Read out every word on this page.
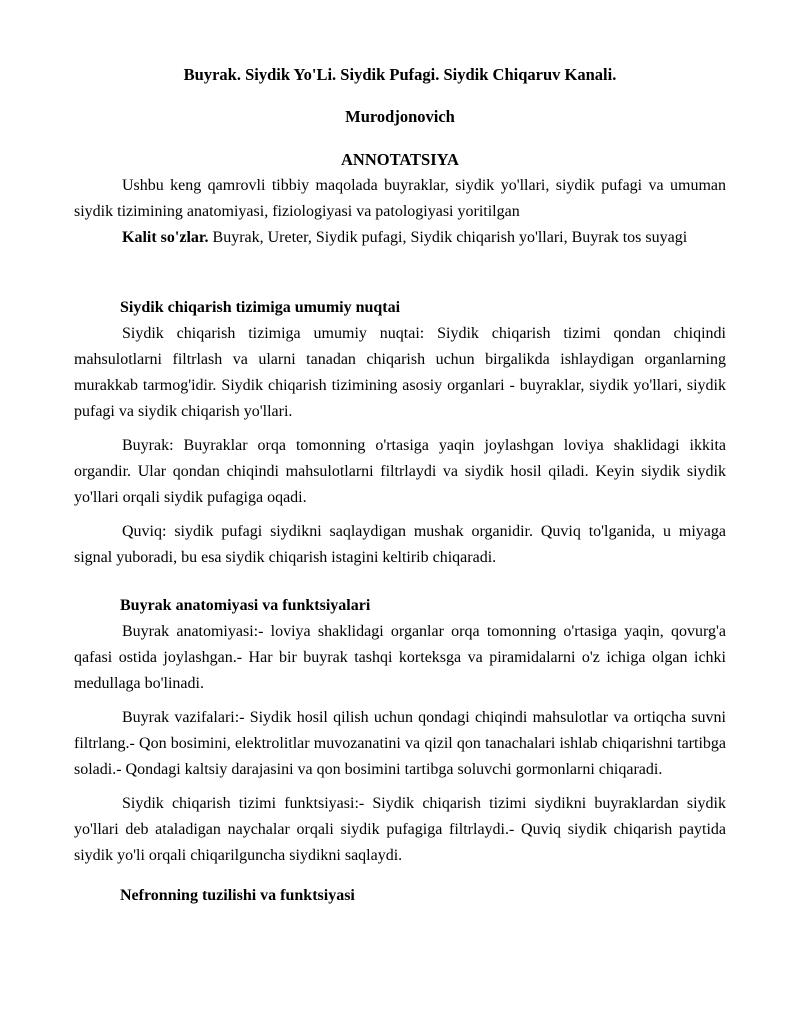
Buyrak. Siydik Yo'Li. Siydik Pufagi. Siydik Chiqaruv Kanali.
Murodjonovich
ANNOTATSIYA

Ushbu keng qamrovli tibbiy maqolada buyraklar, siydik yo'llari, siydik pufagi va umuman siydik tizimining anatomiyasi, fiziologiyasi va patologiyasi yoritilgan

Kalit so'zlar. Buyrak, Ureter, Siydik pufagi, Siydik chiqarish yo'llari, Buyrak tos suyagi

Siydik chiqarish tizimiga umumiy nuqtai

Siydik chiqarish tizimiga umumiy nuqtai: Siydik chiqarish tizimi qondan chiqindi mahsulotlarni filtrlash va ularni tanadan chiqarish uchun birgalikda ishlaydigan organlarning murakkab tarmog'idir. Siydik chiqarish tizimining asosiy organlari - buyraklar, siydik yo'llari, siydik pufagi va siydik chiqarish yo'llari.

Buyrak: Buyraklar orqa tomonning o'rtasiga yaqin joylashgan loviya shaklidagi ikkita organdir. Ular qondan chiqindi mahsulotlarni filtrlaydi va siydik hosil qiladi. Keyin siydik siydik yo'llari orqali siydik pufagiga oqadi.

Quviq: siydik pufagi siydikni saqlaydigan mushak organidir. Quviq to'lganida, u miyaga signal yuboradi, bu esa siydik chiqarish istagini keltirib chiqaradi.

Buyrak anatomiyasi va funktsiyalari

Buyrak anatomiyasi:- loviya shaklidagi organlar orqa tomonning o'rtasiga yaqin, qovurg'a qafasi ostida joylashgan.- Har bir buyrak tashqi korteksga va piramidalarni o'z ichiga olgan ichki medullaga bo'linadi.

Buyrak vazifalari:- Siydik hosil qilish uchun qondagi chiqindi mahsulotlar va ortiqcha suvni filtrlang.- Qon bosimini, elektrolitlar muvozanatini va qizil qon tanachalari ishlab chiqarishni tartibga soladi.- Qondagi kaltsiy darajasini va qon bosimini tartibga soluvchi gormonlarni chiqaradi.

Siydik chiqarish tizimi funktsiyasi:- Siydik chiqarish tizimi siydikni buyraklardan siydik yo'llari deb ataladigan naychalar orqali siydik pufagiga filtrlaydi.- Quviq siydik chiqarish paytida siydik yo'li orqali chiqarilguncha siydikni saqlaydi.

Nefronning tuzilishi va funktsiyasi
